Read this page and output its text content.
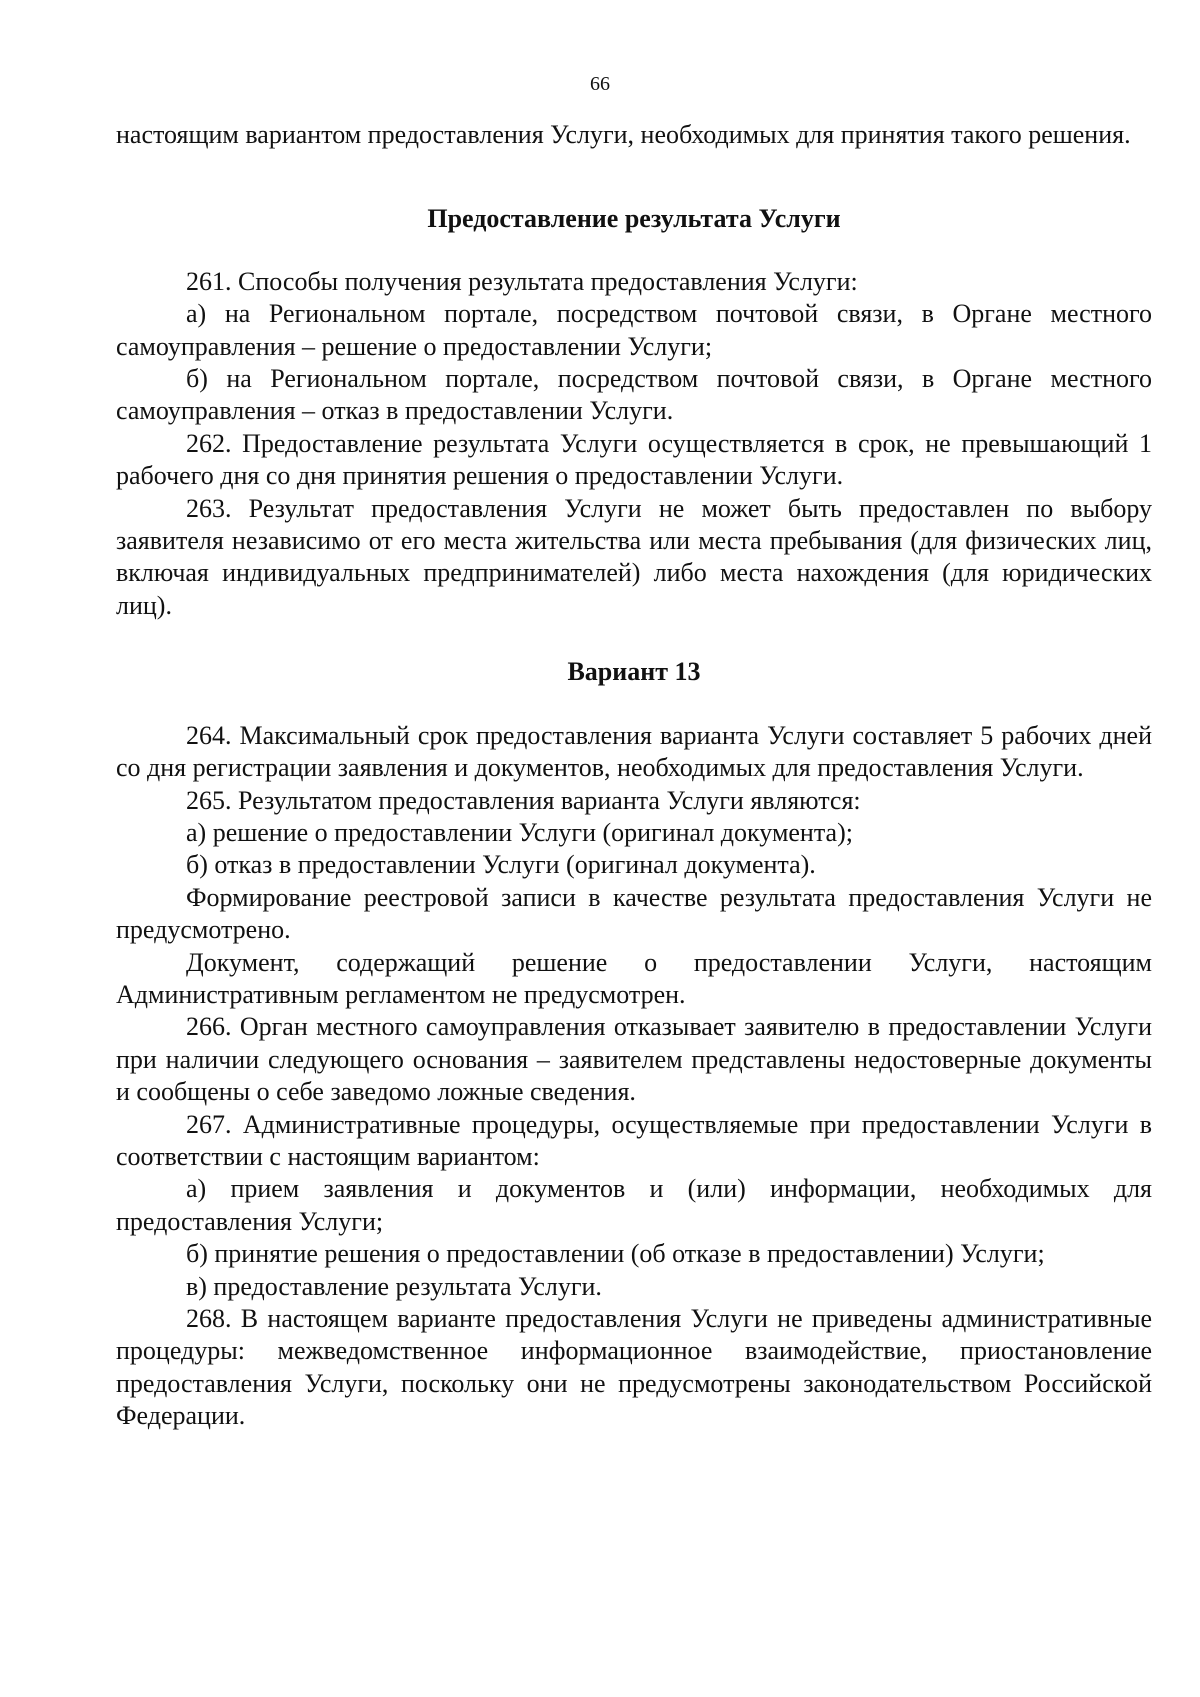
66

настоящим вариантом предоставления Услуги, необходимых для принятия такого решения.

Предоставление результата Услуги

261. Способы получения результата предоставления Услуги:

а) на Региональном портале, посредством почтовой связи, в Органе местного самоуправления – решение о предоставлении Услуги;

б) на Региональном портале, посредством почтовой связи, в Органе местного самоуправления – отказ в предоставлении Услуги.

262. Предоставление результата Услуги осуществляется в срок, не превышающий 1 рабочего дня со дня принятия решения о предоставлении Услуги.

263. Результат предоставления Услуги не может быть предоставлен по выбору заявителя независимо от его места жительства или места пребывания (для физических лиц, включая индивидуальных предпринимателей) либо места нахождения (для юридических лиц).

Вариант 13

264. Максимальный срок предоставления варианта Услуги составляет 5 рабочих дней со дня регистрации заявления и документов, необходимых для предоставления Услуги.

265. Результатом предоставления варианта Услуги являются:

а) решение о предоставлении Услуги (оригинал документа);

б) отказ в предоставлении Услуги (оригинал документа).

Формирование реестровой записи в качестве результата предоставления Услуги не предусмотрено.

Документ, содержащий решение о предоставлении Услуги, настоящим Административным регламентом не предусмотрен.

266. Орган местного самоуправления отказывает заявителю в предоставлении Услуги при наличии следующего основания – заявителем представлены недостоверные документы и сообщены о себе заведомо ложные сведения.

267. Административные процедуры, осуществляемые при предоставлении Услуги в соответствии с настоящим вариантом:

а) прием заявления и документов и (или) информации, необходимых для предоставления Услуги;

б) принятие решения о предоставлении (об отказе в предоставлении) Услуги;

в) предоставление результата Услуги.

268. В настоящем варианте предоставления Услуги не приведены административные процедуры: межведомственное информационное взаимодействие, приостановление предоставления Услуги, поскольку они не предусмотрены законодательством Российской Федерации.
